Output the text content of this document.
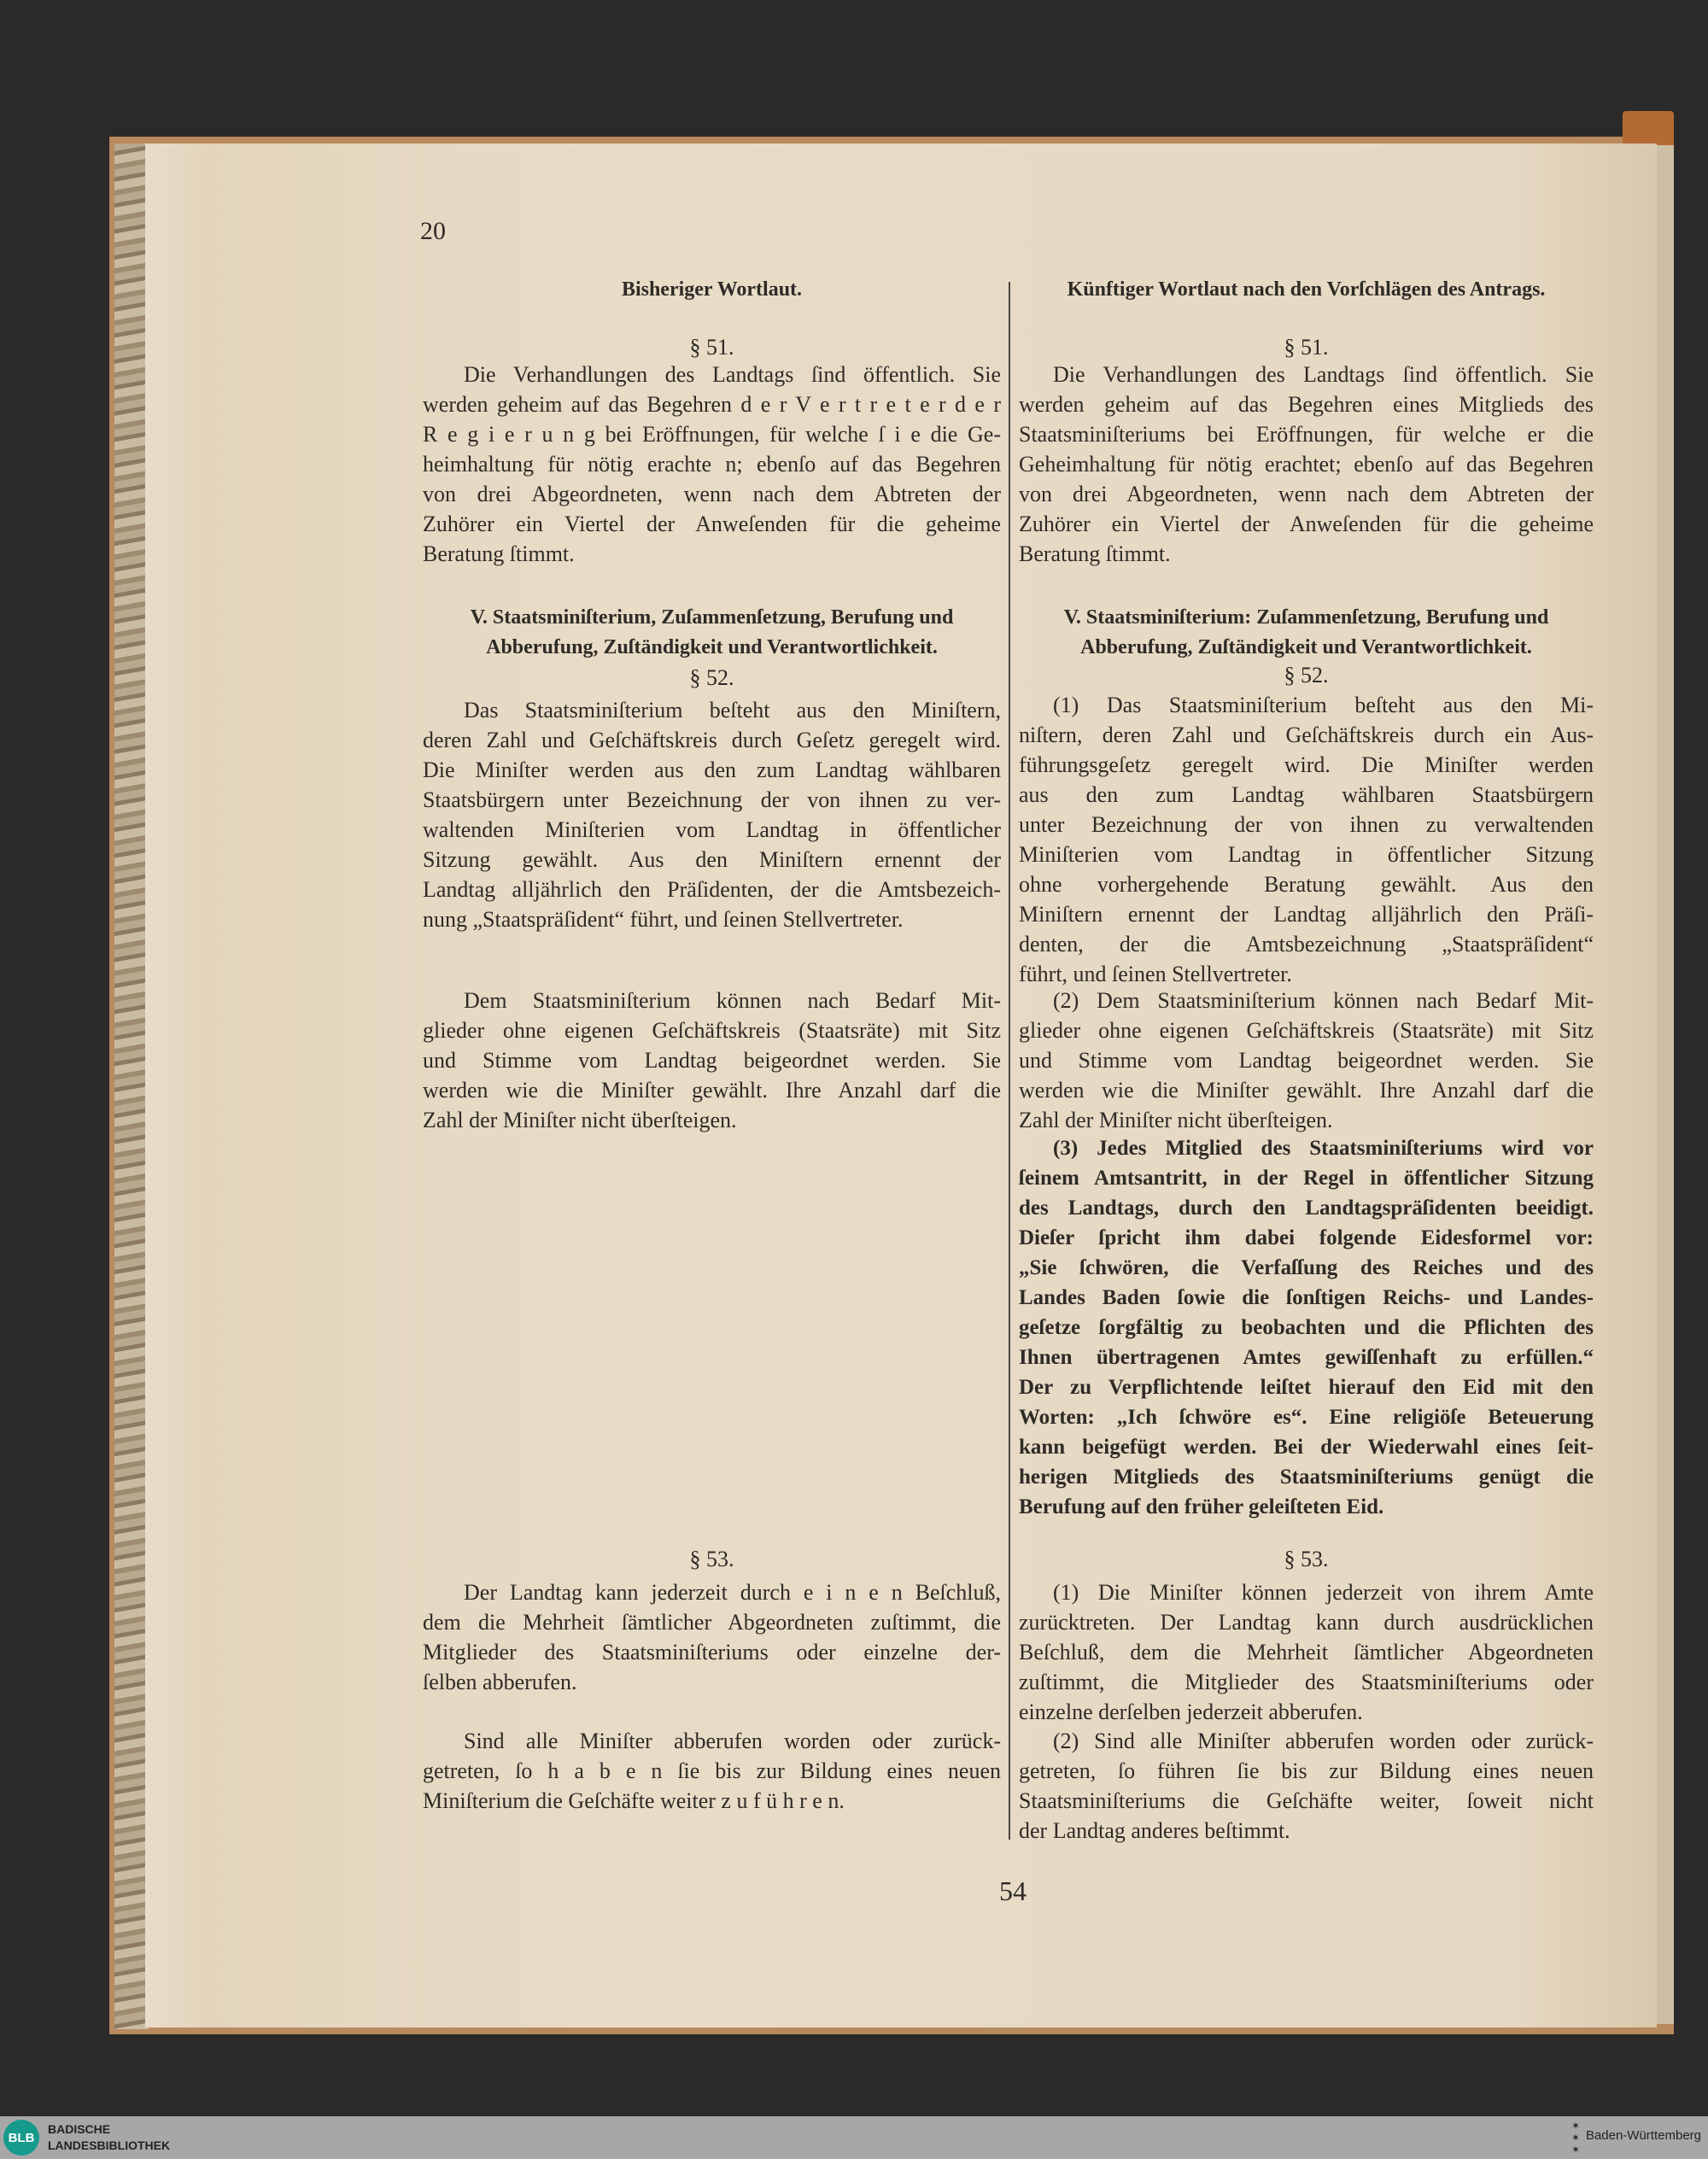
20
Bisheriger Wortlaut.	Künftiger Wortlaut nach den Vorſchlägen des Antrags.
§ 51.
Die Verhandlungen des Landtags ſind öffentlich. Sie
werden geheim auf das Begehren d e r V e r t r e t e r d e r
R e g i e r u n g bei Eröffnungen, für welche ſ i e die Ge-
heimhaltung für nötig erachte n; ebenſo auf das Begehren
von drei Abgeordneten, wenn nach dem Abtreten der
Zuhörer ein Viertel der Anweſenden für die geheime
Beratung ſtimmt.
V. Staatsminiſterium, Zuſammenſetzung, Berufung und
Abberufung, Zuſtändigkeit und Verantwortlichkeit.
§ 52.
Das Staatsminiſterium beſteht aus den Miniſtern,
deren Zahl und Geſchäftskreis durch Geſetz geregelt wird.
Die Miniſter werden aus den zum Landtag wählbaren
Staatsbürgern unter Bezeichnung der von ihnen zu ver-
waltenden Miniſterien vom Landtag in öffentlicher
Sitzung gewählt. Aus den Miniſtern ernennt der
Landtag alljährlich den Präſidenten, der die Amtsbezeich-
nung „Staatspräſident“ führt, und ſeinen Stellvertreter.
Dem Staatsminiſterium können nach Bedarf Mit-
glieder ohne eigenen Geſchäftskreis (Staatsräte) mit Sitz
und Stimme vom Landtag beigeordnet werden. Sie
werden wie die Miniſter gewählt. Ihre Anzahl darf die
Zahl der Miniſter nicht überſteigen.
§ 53.
Der Landtag kann jederzeit durch e i n e n Beſchluß,
dem die Mehrheit ſämtlicher Abgeordneten zuſtimmt, die
Mitglieder des Staatsminiſteriums oder einzelne der-
ſelben abberufen.
Sind alle Miniſter abberufen worden oder zurück-
getreten, ſo h a b e n ſie bis zur Bildung eines neuen
Miniſterium die Geſchäfte weiter z u f ü h r e n.
§ 51.
Die Verhandlungen des Landtags ſind öffentlich. Sie
werden geheim auf das Begehren eines Mitglieds des
Staatsminiſteriums bei Eröffnungen, für welche er die
Geheimhaltung für nötig erachtet; ebenſo auf das Begehren
von drei Abgeordneten, wenn nach dem Abtreten der
Zuhörer ein Viertel der Anweſenden für die geheime
Beratung ſtimmt.
V. Staatsminiſterium: Zuſammenſetzung, Berufung und
Abberufung, Zuſtändigkeit und Verantwortlichkeit.
§ 52.
(1) Das Staatsminiſterium beſteht aus den Mi-
niſtern, deren Zahl und Geſchäftskreis durch ein Aus-
führungsgeſetz geregelt wird. Die Miniſter werden
aus den zum Landtag wählbaren Staatsbürgern
unter Bezeichnung der von ihnen zu verwaltenden
Miniſterien vom Landtag in öffentlicher Sitzung
ohne vorhergehende Beratung gewählt. Aus den
Miniſtern ernennt der Landtag alljährlich den Präſi-
denten, der die Amtsbezeichnung „Staatspräſident“
führt, und ſeinen Stellvertreter.
(2) Dem Staatsminiſterium können nach Bedarf Mit-
glieder ohne eigenen Geſchäftskreis (Staatsräte) mit Sitz
und Stimme vom Landtag beigeordnet werden. Sie
werden wie die Miniſter gewählt. Ihre Anzahl darf die
Zahl der Miniſter nicht überſteigen.
(3) Jedes Mitglied des Staatsminiſteriums wird vor
ſeinem Amtsantritt, in der Regel in öffentlicher Sitzung
des Landtags, durch den Landtagspräſidenten beeidigt.
Dieſer ſpricht ihm dabei folgende Eidesformel vor:
„Sie ſchwören, die Verfaſſung des Reiches und des
Landes Baden ſowie die ſonſtigen Reichs- und Landes-
geſetze ſorgfältig zu beobachten und die Pflichten des
Ihnen übertragenen Amtes gewiſſenhaft zu erfüllen.“
Der zu Verpflichtende leiſtet hierauf den Eid mit den
Worten: „Ich ſchwöre es“. Eine religiöſe Beteuerung
kann beigefügt werden. Bei der Wiederwahl eines ſeit-
herigen Mitglieds des Staatsminiſteriums genügt die
Berufung auf den früher geleiſteten Eid.
§ 53.
(1) Die Miniſter können jederzeit von ihrem Amte
zurücktreten. Der Landtag kann durch ausdrücklichen
Beſchluß, dem die Mehrheit ſämtlicher Abgeordneten
zuſtimmt, die Mitglieder des Staatsminiſteriums oder
einzelne derſelben jederzeit abberufen.
(2) Sind alle Miniſter abberufen worden oder zurück-
getreten, ſo führen ſie bis zur Bildung eines neuen
Staatsminiſteriums die Geſchäfte weiter, ſoweit nicht
der Landtag anderes beſtimmt.
54
BLB
BADISCHE
LANDESBIBLIOTHEK
✶
✶
✶
Baden-Württemberg
